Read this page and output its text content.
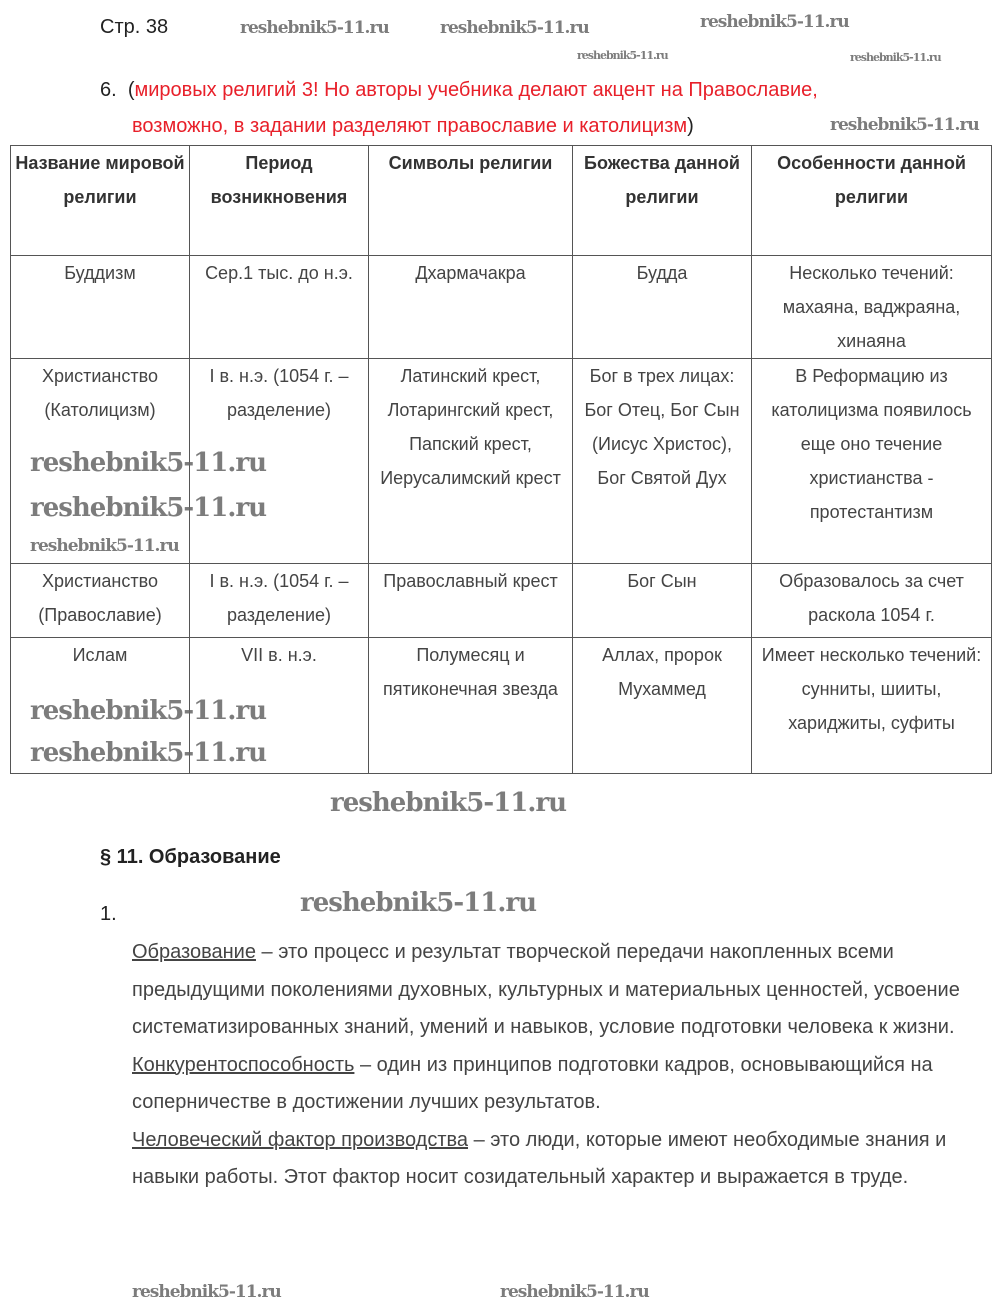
Стр. 38
6. (мировых религий 3! Но авторы учебника делают акцент на Православие,
возможно, в задании разделяют православие и католицизм)
Название мировой религии	Период возникновения	Символы религии	Божества данной религии	Особенности данной религии
Буддизм	Сер.1 тыс. до н.э.	Дхармачакра	Будда	Несколько течений: махаяна, ваджраяна, хинаяна
Христианство (Католицизм)	I в. н.э. (1054 г. – разделение)	Латинский крест, Лотарингский крест, Папский крест, Иерусалимский крест	Бог в трех лицах: Бог Отец, Бог Сын (Иисус Христос), Бог Святой Дух	В Реформацию из католицизма появилось еще оно течение христианства - протестантизм
Христианство (Православие)	I в. н.э. (1054 г. – разделение)	Православный крест	Бог Сын	Образовалось за счет раскола 1054 г.
Ислам	VII в. н.э.	Полумесяц и пятиконечная звезда	Аллах, пророк Мухаммед	Имеет несколько течений: сунниты, шииты, хариджиты, суфиты
§ 11. Образование
1.
Образование – это процесс и результат творческой передачи накопленных всеми предыдущими поколениями духовных, культурных и материальных ценностей, усвоение систематизированных знаний, умений и навыков, условие подготовки человека к жизни.
Конкурентоспособность – один из принципов подготовки кадров, основывающийся на соперничестве в достижении лучших результатов.
Человеческий фактор производства – это люди, которые имеют необходимые знания и навыки работы. Этот фактор носит созидательный характер и выражается в труде.
reshebnik5-11.ru
reshebnik5-11.ru	reshebnik5-11.ru
reshebnik5-11.ru
reshebnik5-11.ru
reshebnik5-11.ru
reshebnik5-11.ru
reshebnik5-11.ru
reshebnik5-11.ru
reshebnik5-11.ru
reshebnik5-11.ru
reshebnik5-11.ru	reshebnik5-11.ru
reshebnik5-11.ru
reshebnik5-11.ru
